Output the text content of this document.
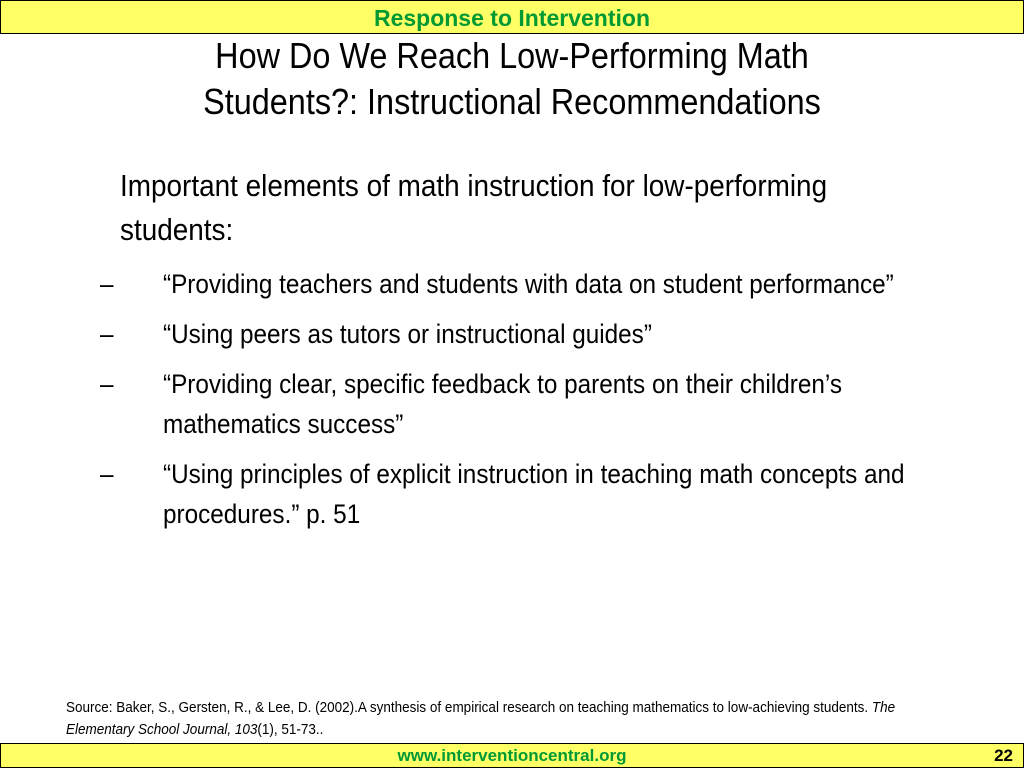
Response to Intervention
How Do We Reach Low-Performing Math
Students?: Instructional Recommendations
Important elements of math instruction for low-performing students:
–	“Providing teachers and students with data on student performance”
–	“Using peers as tutors or instructional guides”
–	“Providing clear, specific feedback to parents on their children’s mathematics success”
–	“Using principles of explicit instruction in teaching math concepts and procedures.” p. 51
Source: Baker, S., Gersten, R., & Lee, D. (2002).A synthesis of empirical research on teaching mathematics to low-achieving students. The Elementary School Journal, 103(1), 51-73..
www.interventioncentral.org	22
